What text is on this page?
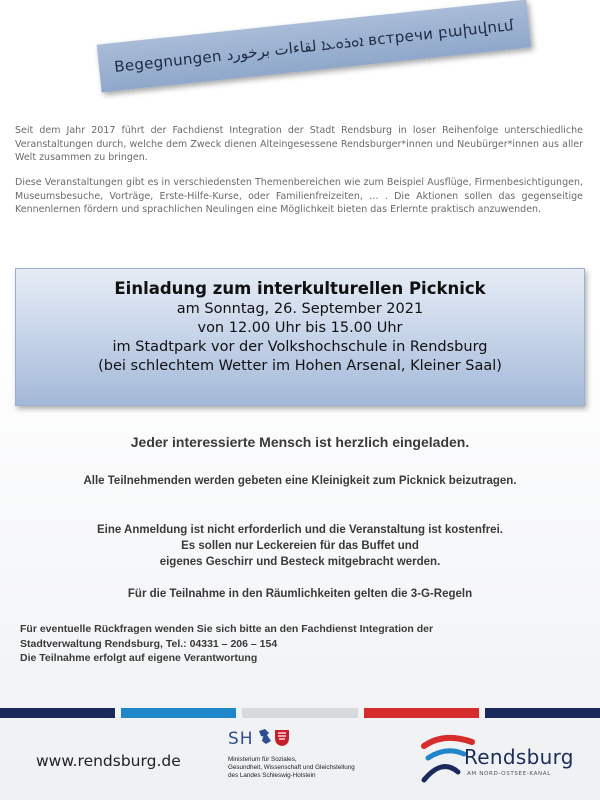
Begegnungen ܐܘܪܘܥܐ لقاءات برخورد встречи բախվում

Seit dem Jahr 2017 führt der Fachdienst Integration der Stadt Rendsburg in loser Reihenfolge unterschiedliche Veranstaltungen durch, welche dem Zweck dienen Alteingesessene Rendsburger*innen und Neubürger*innen aus aller Welt zusammen zu bringen.

Diese Veranstaltungen gibt es in verschiedensten Themenbereichen wie zum Beispiel Ausflüge, Firmenbesichtigungen, Museumsbesuche, Vorträge, Erste-Hilfe-Kurse, oder Familienfreizeiten, … . Die Aktionen sollen das gegenseitige Kennenlernen fördern und sprachlichen Neulingen eine Möglichkeit bieten das Erlernte praktisch anzuwenden.

Einladung zum interkulturellen Picknick
am Sonntag, 26. September 2021
von 12.00 Uhr bis 15.00 Uhr
im Stadtpark vor der Volkshochschule in Rendsburg
(bei schlechtem Wetter im Hohen Arsenal, Kleiner Saal)
Jeder interessierte Mensch ist herzlich eingeladen.
Alle Teilnehmenden werden gebeten eine Kleinigkeit zum Picknick beizutragen.
Eine Anmeldung ist nicht erforderlich und die Veranstaltung ist kostenfrei.
Es sollen nur Leckereien für das Buffet und
eigenes Geschirr und Besteck mitgebracht werden.
Für die Teilnahme in den Räumlichkeiten gelten die 3-G-Regeln
Für eventuelle Rückfragen wenden Sie sich bitte an den Fachdienst Integration der
Stadtverwaltung Rendsburg, Tel.: 04331 – 206 – 154
Die Teilnahme erfolgt auf eigene Verantwortung
www.rendsburg.de
SH
Ministerium für Soziales,
Gesundheit, Wissenschaft und Gleichstellung
des Landes Schleswig-Holstein
Rendsburg
AM NORD-OSTSEE-KANAL
